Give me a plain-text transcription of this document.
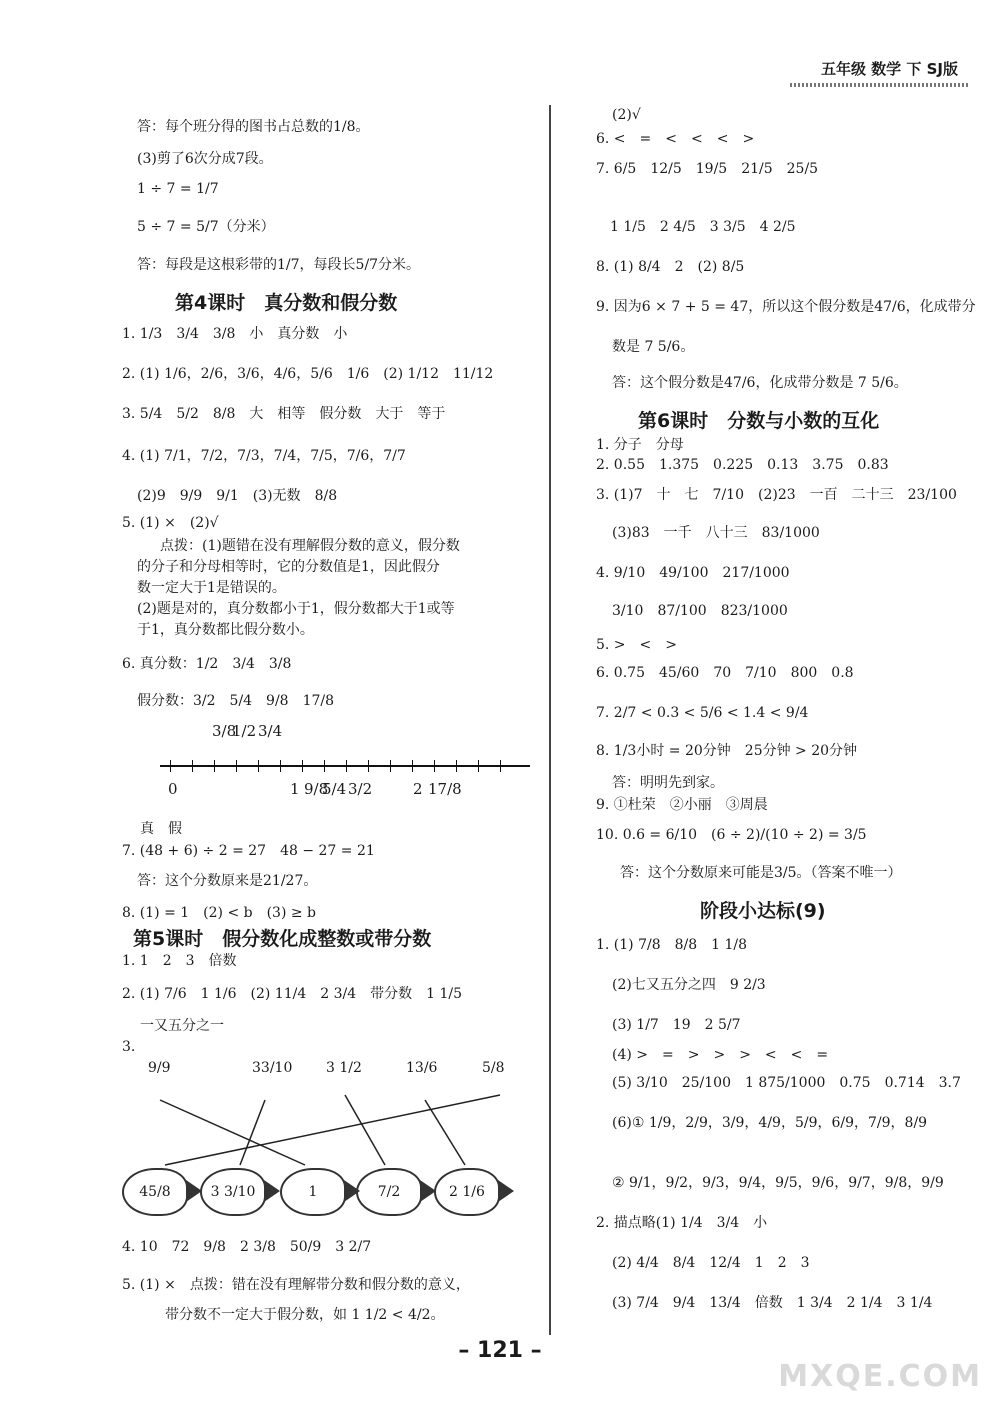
五年级 数学 下 SJ版
答：每个班分得的图书占总数的1/8。
(3)剪了6次分成7段。
1 ÷ 7 = 1/7
5 ÷ 7 = 5/7（分米）
答：每段是这根彩带的1/7，每段长5/7分米。
第4课时　真分数和假分数
1. 1/3　3/4　3/8　小　真分数　小
2. (1) 1/6，2/6，3/6，4/6，5/6　1/6　(2) 1/12　11/12
3. 5/4　5/2　8/8　大　相等　假分数　大于　等于
4. (1) 7/1，7/2，7/3，7/4，7/5，7/6，7/7
(2)9　9/9　9/1　(3)无数　8/8
5. (1) ×　(2)√
点拨：(1)题错在没有理解假分数的意义，假分数
的分子和分母相等时，它的分数值是1，因此假分
数一定大于1是错误的。
(2)题是对的，真分数都小于1，假分数都大于1或等
于1，真分数都比假分数小。
6. 真分数：1/2　3/4　3/8
假分数：3/2　5/4　9/8　17/8
3/8
1/2 3/4
0	1 9/8
5/4 3/2	2 17/8
真　假
7. (48 + 6) ÷ 2 = 27　48 − 27 = 21
答：这个分数原来是21/27。
8. (1) = 1　(2) < b　(3) ≥ b
第5课时　假分数化成整数或带分数
1. 1　2　3　倍数
2. (1) 7/6　1 1/6　(2) 11/4　2 3/4　带分数　1 1/5
一又五分之一
3.
9/9	33/10 3 1/2	13/6	5/8
45/8	3 3/10	1	7/2	2 1/6
4. 10　72　9/8　2 3/8　50/9　3 2/7
5. (1) ×　点拨：错在没有理解带分数和假分数的意义，
带分数不一定大于假分数，如 1 1/2 < 4/2。
(2)√
6. <　=　<　<　<　>
7. 6/5　12/5　19/5　21/5　25/5
1 1/5　2 4/5　3 3/5　4 2/5
8. (1) 8/4　2　(2) 8/5
9. 因为6 × 7 + 5 = 47，所以这个假分数是47/6，化成带分
数是 7 5/6。
答：这个假分数是47/6，化成带分数是 7 5/6。
第6课时　分数与小数的互化
1. 分子　分母
2. 0.55　1.375　0.225　0.13　3.75　0.83
3. (1)7　十　七　7/10　(2)23　一百　二十三　23/100
(3)83　一千　八十三　83/1000
4. 9/10　49/100　217/1000
3/10　87/100　823/1000
5. >　<　>
6. 0.75　45/60　70　7/10　800　0.8
7. 2/7 < 0.3 < 5/6 < 1.4 < 9/4
8. 1/3小时 = 20分钟　25分钟 > 20分钟
答：明明先到家。
9. ①杜荣　②小丽　③周晨
10. 0.6 = 6/10　(6 ÷ 2)/(10 ÷ 2) = 3/5
答：这个分数原来可能是3/5。（答案不唯一）
阶段小达标(9)
1. (1) 7/8　8/8　1 1/8
(2)七又五分之四　9 2/3
(3) 1/7　19　2 5/7
(4) >　=　>　>　>　<　<　=
(5) 3/10　25/100　1 875/1000　0.75　0.714　3.7
(6)① 1/9，2/9，3/9，4/9，5/9，6/9，7/9，8/9
② 9/1，9/2，9/3，9/4，9/5，9/6，9/7，9/8，9/9
2. 描点略(1) 1/4　3/4　小
(2) 4/4　8/4　12/4　1　2　3
(3) 7/4　9/4　13/4　倍数　1 3/4　2 1/4　3 1/4
– 121 –
MXQE.COM
